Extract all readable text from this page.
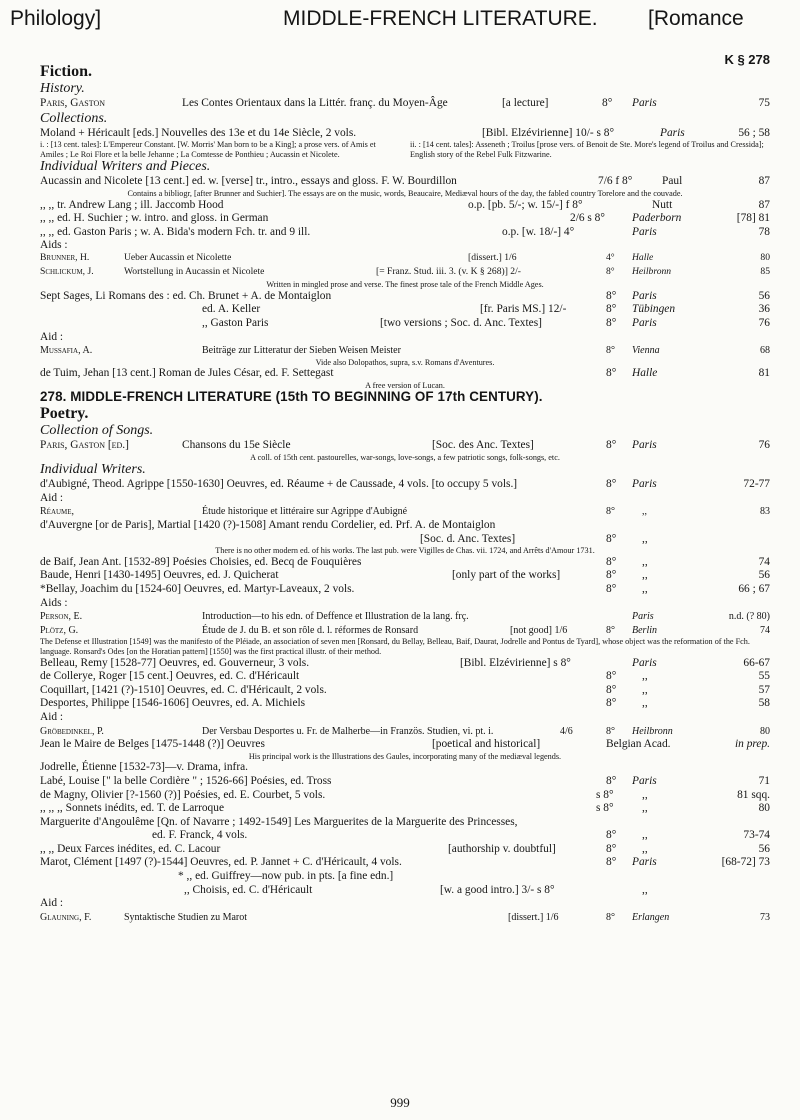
Philology]	MIDDLE-FRENCH LITERATURE. [Romance
K § 278
Fiction.
History.
Paris, Gaston	Les Contes Orientaux dans la Littér. franç. du Moyen-Âge	[a lecture]	8° Paris	75
Collections.
Moland + Héricault [eds.] Nouvelles des 13e et du 14e Siècle, 2 vols.	[Bibl. Elzévirienne] 10/- s 8°	Paris	56 ; 58
i. : [13 cent. tales]: L'Empereur Constant. [W. Morris' Man born to be a King]; a prose vers. of Amis et Amiles ; Le Roi Flore et la belle Jehanne ; La Comtesse de Ponthieu ; Aucassin et Nicolete.
ii. : [14 cent. tales]: Asseneth ; Troilus [prose vers. of Benoit de Ste. More's legend of Troilus and Cressida]; English story of the Rebel Fulk Fitzwarine.
Individual Writers and Pieces.
Aucassin and Nicolete [13 cent.] ed. w. [verse] tr., intro., essays and gloss. F. W. Bourdillon	7/6 f 8°	Paul	87
Contains a bibliogr, [after Brunner and Suchier]. The essays are on the music, words, Beaucaire, Mediæval hours of the day, the fabled country Torelore and the couvade.
,, ,, tr. Andrew Lang ; ill. Jaccomb Hood	o.p. [pb. 5/-; w. 15/-] f 8°	Nutt	87
,, ,, ed. H. Suchier ; w. intro. and gloss. in German	2/6 s 8° Paderborn	[78] 81
,, ,, ed. Gaston Paris ; w. A. Bida's modern Fch. tr. and 9 ill.	o.p. [w. 18/-] 4°	Paris	78
Aids :
Brunner, H.	Ueber Aucassin et Nicolette	[dissert.] 1/6	4° Halle	80
Schlickum, J.	Wortstellung in Aucassin et Nicolete	[= Franz. Stud. iii. 3. (v. K § 268)] 2/-	8° Heilbronn	85
Written in mingled prose and verse. The finest prose tale of the French Middle Ages.
Sept Sages, Li Romans des : ed. Ch. Brunet + A. de Montaiglon	8° Paris	56
ed. A. Keller	[fr. Paris MS.] 12/-	8° Tübingen	36
,, Gaston Paris	[two versions ; Soc. d. Anc. Textes]	8° Paris	76
Aid :
Mussafia, A.	Beiträge zur Litteratur der Sieben Weisen Meister	8° Vienna	68
Vide also Dolopathos, supra, s.v. Romans d'Aventures.
de Tuim, Jehan [13 cent.] Roman de Jules César, ed. F. Settegast	8° Halle	81
A free version of Lucan.
278. MIDDLE-FRENCH LITERATURE (15th TO BEGINNING OF 17th CENTURY).
Poetry.
Collection of Songs.
Paris, Gaston [ed.]	Chansons du 15e Siècle	[Soc. des Anc. Textes]	8° Paris	76
A coll. of 15th cent. pastourelles, war-songs, love-songs, a few patriotic songs, folk-songs, etc.
Individual Writers.
d'Aubigné, Theod. Agrippe [1550-1630] Oeuvres, ed. Réaume + de Caussade, 4 vols. [to occupy 5 vols.]	8° Paris	72-77
Aid :
Réaume,	Étude historique et littéraire sur Agrippe d'Aubigné	8°	,,	83
d'Auvergne [or de Paris], Martial [1420 (?)-1508] Amant rendu Cordelier, ed. Prf. A. de Montaiglon
[Soc. d. Anc. Textes]	8° ,,
There is no other modern ed. of his works. The last pub. were Vigilles de Chas. vii. 1724, and Arrêts d'Amour 1731.
de Baif, Jean Ant. [1532-89] Poésies Choisies, ed. Becq de Fouquières	8° ,,	74
Baude, Henri [1430-1495] Oeuvres, ed. J. Quicherat	[only part of the works]	8° ,,	56
*Bellay, Joachim du [1524-60] Oeuvres, ed. Martyr-Laveaux, 2 vols.	8° ,,	66 ; 67
Aids :
Person, E.	Introduction—to his edn. of Deffence et Illustration de la lang. frç.	Paris	n.d. (? 80)
Plötz, G.	Étude de J. du B. et son rôle d. l. réformes de Ronsard	[not good] 1/6	8° Berlin	74
The Defense et Illustration [1549] was the manifesto of the Pléiade, an association of seven men [Ronsard, du Bellay, Belleau, Baif, Daurat, Jodrelle and Pontus de Tyard], whose object was the reformation of the Fch. language. Ronsard's Odes [on the Horatian pattern] [1550] was the first practical illustr. of their method.
Belleau, Remy [1528-77] Oeuvres, ed. Gouverneur, 3 vols.	[Bibl. Elzévirienne] s 8°	Paris	66-67
de Collerye, Roger [15 cent.] Oeuvres, ed. C. d'Héricault	8° ,,	55
Coquillart, [1421 (?)-1510] Oeuvres, ed. C. d'Héricault, 2 vols.	8° ,,	57
Desportes, Philippe [1546-1606] Oeuvres, ed. A. Michiels	8° ,,	58
Aid :
Gröbedinkel, P.	Der Versbau Desportes u. Fr. de Malherbe—in Französ. Studien, vi. pt. i.	4/6	8° Heilbronn	80
Jean le Maire de Belges [1475-1448 (?)] Oeuvres	[poetical and historical]	Belgian Acad.	in prep.
His principal work is the Illustrations des Gaules, incorporating many of the mediæval legends.
Jodrelle, Étienne [1532-73]—v. Drama, infra.
Labé, Louise [" la belle Cordière " ; 1526-66] Poésies, ed. Tross	8° Paris	71
de Magny, Olivier [?-1560 (?)] Poésies, ed. E. Courbet, 5 vols.	s 8° ,,	81 sqq.
,, ,, ,, Sonnets inédits, ed. T. de Larroque	s 8° ,,	80
Marguerite d'Angoulême [Qn. of Navarre ; 1492-1549] Les Marguerites de la Marguerite des Princesses,
ed. F. Franck, 4 vols.	8° ,,	73-74
,, ,, Deux Farces inédites, ed. C. Lacour	[authorship v. doubtful]	8° ,,	56
Marot, Clément [1497 (?)-1544] Oeuvres, ed. P. Jannet + C. d'Héricault, 4 vols.	8° Paris	[68-72] 73
* ,, ed. Guiffrey—now pub. in pts. [a fine edn.]
,, Choisis, ed. C. d'Héricault	[w. a good intro.] 3/- s 8°	,,
Aid :
Glauning, F.	Syntaktische Studien zu Marot	[dissert.] 1/6	8° Erlangen	73
999
